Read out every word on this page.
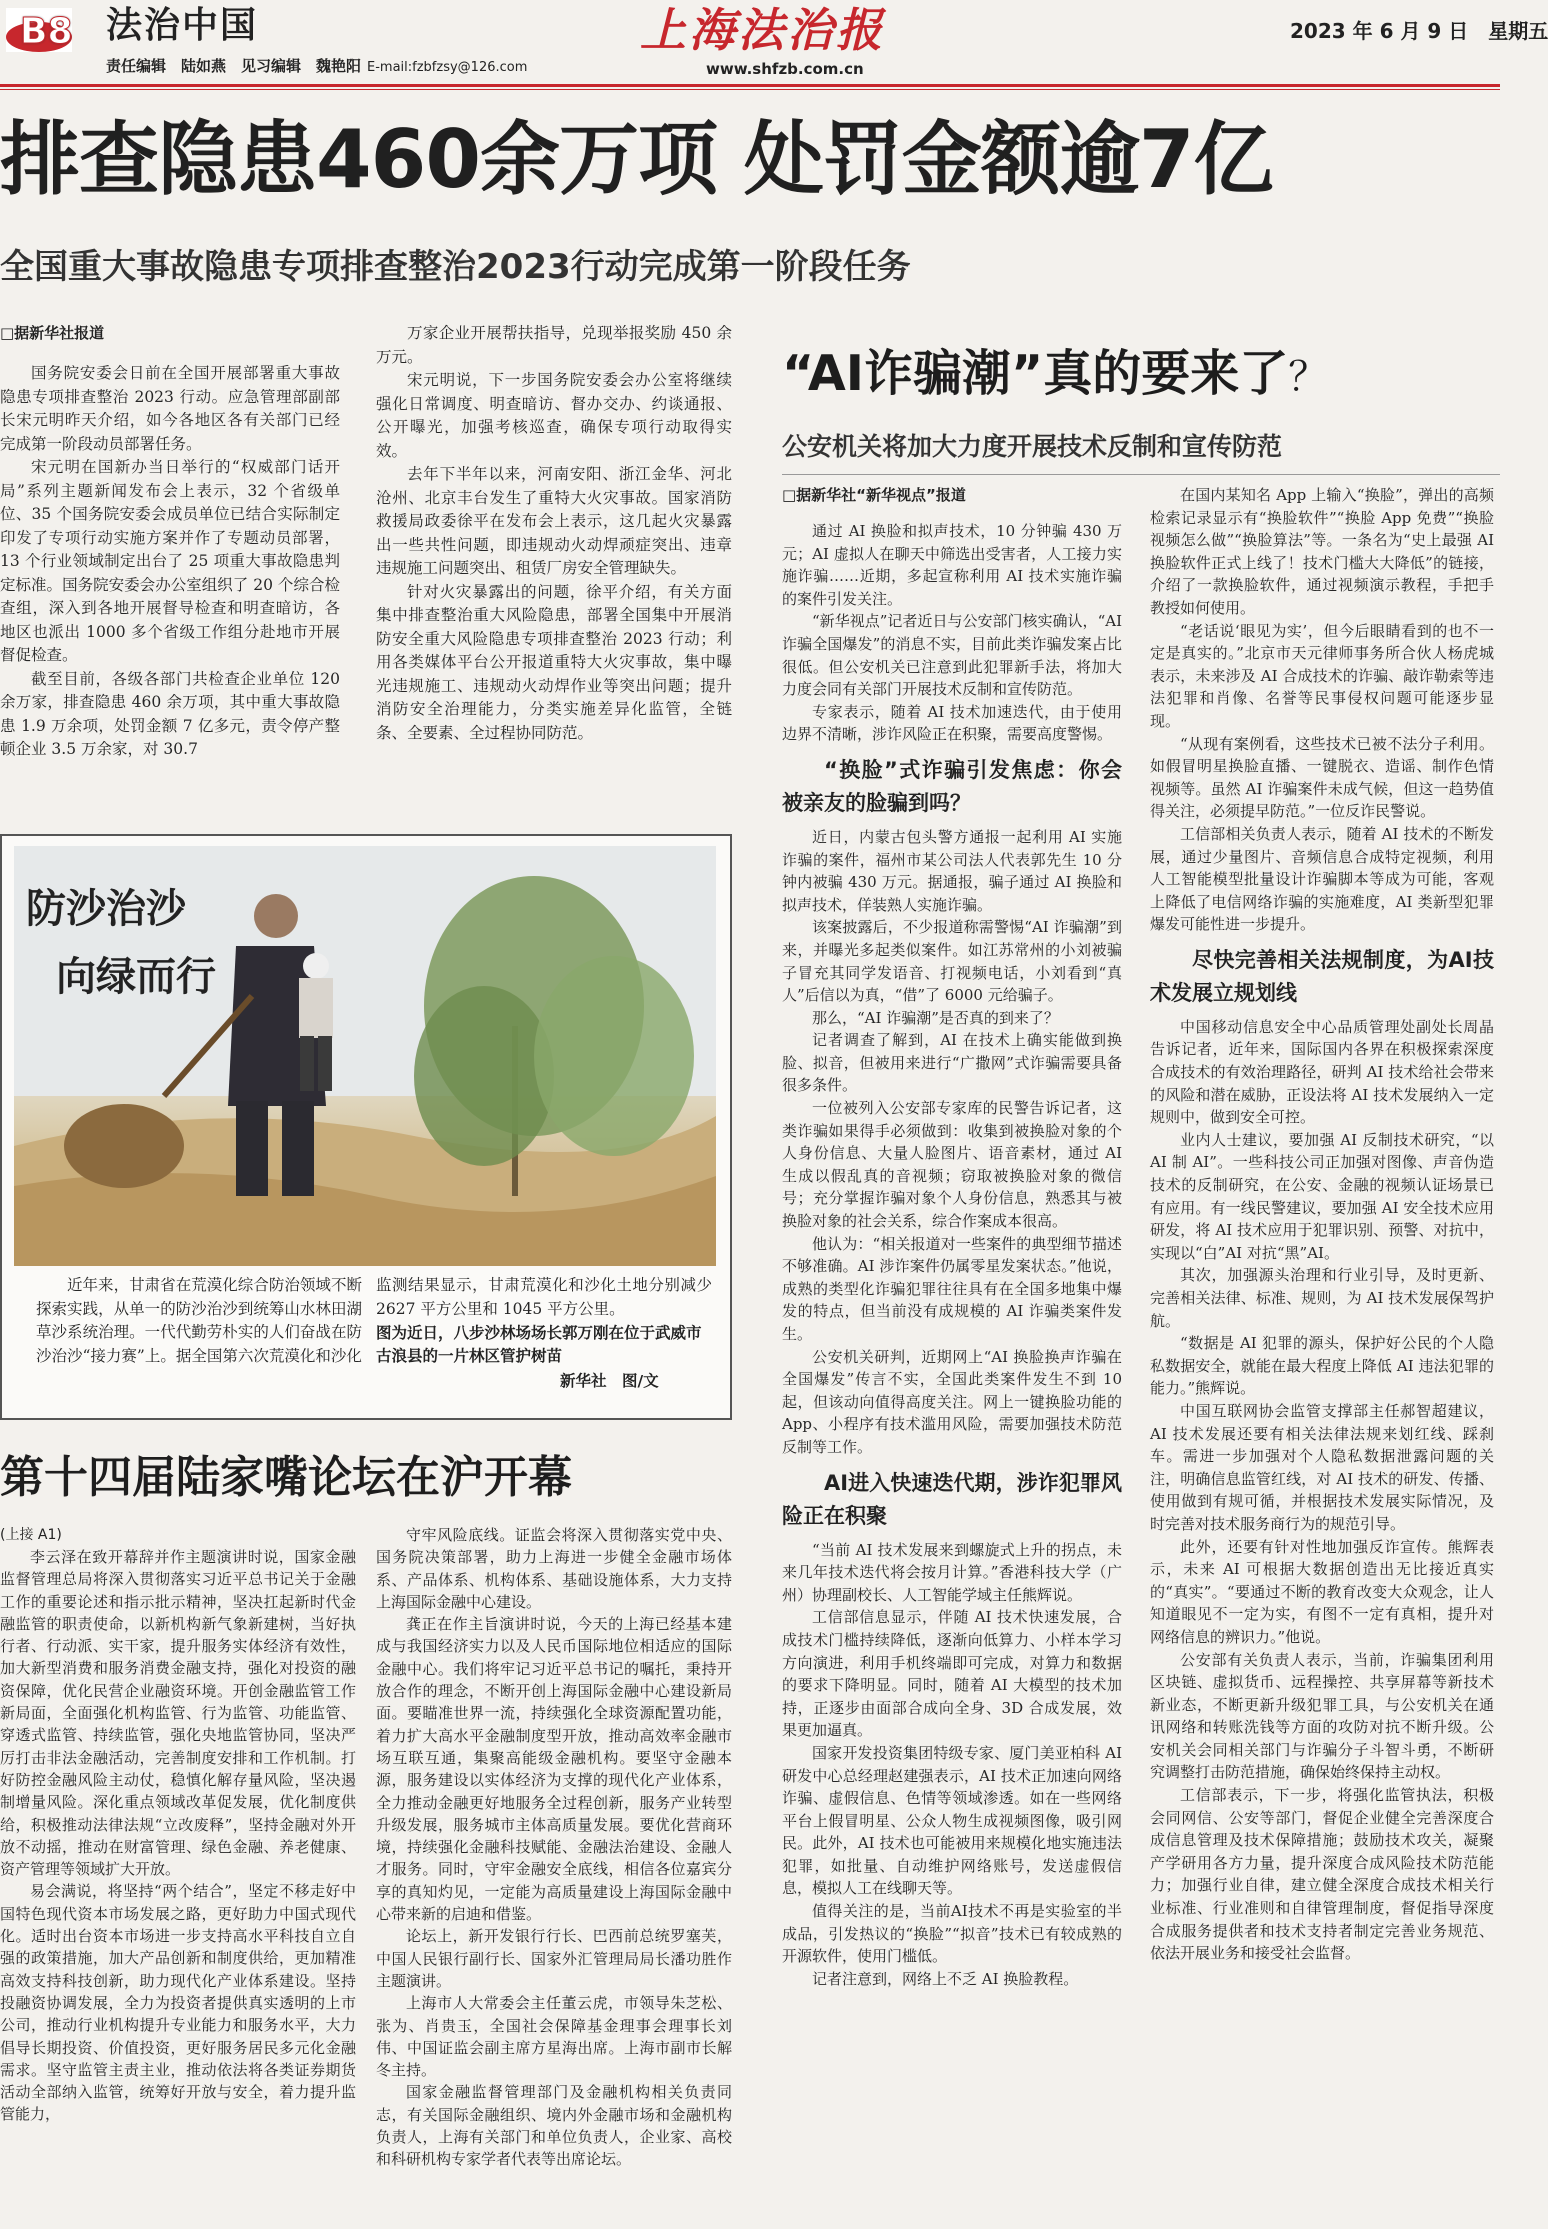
B8 法治中国
责任编辑　陆如燕　见习编辑　魏艳阳 E-mail:fzbfzsy@126.com
上海法治报
www.shfzb.com.cn
2023 年 6 月 9 日　星期五
排查隐患460余万项 处罚金额逾7亿
全国重大事故隐患专项排查整治2023行动完成第一阶段任务
□据新华社报道

国务院安委会日前在全国开展部署重大事故隐患专项排查整治 2023 行动。应急管理部副部长宋元明昨天介绍，如今各地区各有关部门已经完成第一阶段动员部署任务。

宋元明在国新办当日举行的“权威部门话开局”系列主题新闻发布会上表示，32 个省级单位、35 个国务院安委会成员单位已结合实际制定印发了专项行动实施方案并作了专题动员部署，13 个行业领域制定出台了 25 项重大事故隐患判定标准。国务院安委会办公室组织了 20 个综合检查组，深入到各地开展督导检查和明查暗访，各地区也派出 1000 多个省级工作组分赴地市开展督促检查。

截至目前，各级各部门共检查企业单位 120 余万家，排查隐患 460 余万项，其中重大事故隐患 1.9 万余项，处罚金额 7 亿多元，责令停产整顿企业 3.5 万余家，对 30.7

万家企业开展帮扶指导，兑现举报奖励 450 余万元。

宋元明说，下一步国务院安委会办公室将继续强化日常调度、明查暗访、督办交办、约谈通报、公开曝光，加强考核巡查，确保专项行动取得实效。

去年下半年以来，河南安阳、浙江金华、河北沧州、北京丰台发生了重特大火灾事故。国家消防救援局政委徐平在发布会上表示，这几起火灾暴露出一些共性问题，即违规动火动焊顽症突出、违章违规施工问题突出、租赁厂房安全管理缺失。

针对火灾暴露出的问题，徐平介绍，有关方面集中排查整治重大风险隐患，部署全国集中开展消防安全重大风险隐患专项排查整治 2023 行动；利用各类媒体平台公开报道重特大火灾事故，集中曝光违规施工、违规动火动焊作业等突出问题；提升消防安全治理能力，分类实施差异化监管，全链条、全要素、全过程协同防范。

防沙治沙
向绿而行
近年来，甘肃省在荒漠化综合防治领域不断探索实践，从单一的防沙治沙到统筹山水林田湖草沙系统治理。一代代勤劳朴实的人们奋战在防沙治沙“接力赛”上。据全国第六次荒漠化和沙化
监测结果显示，甘肃荒漠化和沙化土地分别减少 2627 平方公里和 1045 平方公里。
图为近日，八步沙林场场长郭万刚在位于武威市古浪县的一片林区管护树苗
新华社　图/文
第十四届陆家嘴论坛在沪开幕
(上接 A1)

李云泽在致开幕辞并作主题演讲时说，国家金融监督管理总局将深入贯彻落实习近平总书记关于金融工作的重要论述和指示批示精神，坚决扛起新时代金融监管的职责使命，以新机构新气象新建树，当好执行者、行动派、实干家，提升服务实体经济有效性，加大新型消费和服务消费金融支持，强化对投资的融资保障，优化民营企业融资环境。开创金融监管工作新局面，全面强化机构监管、行为监管、功能监管、穿透式监管、持续监管，强化央地监管协同，坚决严厉打击非法金融活动，完善制度安排和工作机制。打好防控金融风险主动仗，稳慎化解存量风险，坚决遏制增量风险。深化重点领域改革促发展，优化制度供给，积极推动法律法规“立改废释”，坚持金融对外开放不动摇，推动在财富管理、绿色金融、养老健康、资产管理等领域扩大开放。

易会满说，将坚持“两个结合”，坚定不移走好中国特色现代资本市场发展之路，更好助力中国式现代化。适时出台资本市场进一步支持高水平科技自立自强的政策措施，加大产品创新和制度供给，更加精准高效支持科技创新，助力现代化产业体系建设。坚持投融资协调发展，全力为投资者提供真实透明的上市公司，推动行业机构提升专业能力和服务水平，大力倡导长期投资、价值投资，更好服务居民多元化金融需求。坚守监管主责主业，推动依法将各类证券期货活动全部纳入监管，统筹好开放与安全，着力提升监管能力，

守牢风险底线。证监会将深入贯彻落实党中央、国务院决策部署，助力上海进一步健全金融市场体系、产品体系、机构体系、基础设施体系，大力支持上海国际金融中心建设。

龚正在作主旨演讲时说，今天的上海已经基本建成与我国经济实力以及人民币国际地位相适应的国际金融中心。我们将牢记习近平总书记的嘱托，秉持开放合作的理念，不断开创上海国际金融中心建设新局面。要瞄准世界一流，持续强化全球资源配置功能，着力扩大高水平金融制度型开放，推动高效率金融市场互联互通，集聚高能级金融机构。要坚守金融本源，服务建设以实体经济为支撑的现代化产业体系，全力推动金融更好地服务全过程创新，服务产业转型升级发展，服务城市主体高质量发展。要优化营商环境，持续强化金融科技赋能、金融法治建设、金融人才服务。同时，守牢金融安全底线，相信各位嘉宾分享的真知灼见，一定能为高质量建设上海国际金融中心带来新的启迪和借鉴。

论坛上，新开发银行行长、巴西前总统罗塞芙，中国人民银行副行长、国家外汇管理局局长潘功胜作主题演讲。

上海市人大常委会主任董云虎，市领导朱芝松、张为、肖贵玉，全国社会保障基金理事会理事长刘伟、中国证监会副主席方星海出席。上海市副市长解冬主持。

国家金融监督管理部门及金融机构相关负责同志，有关国际金融组织、境内外金融市场和金融机构负责人，上海有关部门和单位负责人，企业家、高校和科研机构专家学者代表等出席论坛。

“AI诈骗潮”真的要来了？
公安机关将加大力度开展技术反制和宣传防范
□据新华社“新华视点”报道

通过 AI 换脸和拟声技术，10 分钟骗 430 万元；AI 虚拟人在聊天中筛选出受害者，人工接力实施诈骗……近期，多起宣称利用 AI 技术实施诈骗的案件引发关注。

“新华视点”记者近日与公安部门核实确认，“AI 诈骗全国爆发”的消息不实，目前此类诈骗发案占比很低。但公安机关已注意到此犯罪新手法，将加大力度会同有关部门开展技术反制和宣传防范。

专家表示，随着 AI 技术加速迭代，由于使用边界不清晰，涉诈风险正在积聚，需要高度警惕。

“换脸”式诈骗引发焦虑：你会被亲友的脸骗到吗？

近日，内蒙古包头警方通报一起利用 AI 实施诈骗的案件，福州市某公司法人代表郭先生 10 分钟内被骗 430 万元。据通报，骗子通过 AI 换脸和拟声技术，佯装熟人实施诈骗。

该案披露后，不少报道称需警惕“AI 诈骗潮”到来，并曝光多起类似案件。如江苏常州的小刘被骗子冒充其同学发语音、打视频电话，小刘看到“真人”后信以为真，“借”了 6000 元给骗子。

那么，“AI 诈骗潮”是否真的到来了？

记者调查了解到，AI 在技术上确实能做到换脸、拟音，但被用来进行“广撒网”式诈骗需要具备很多条件。

一位被列入公安部专家库的民警告诉记者，这类诈骗如果得手必须做到：收集到被换脸对象的个人身份信息、大量人脸图片、语音素材，通过 AI 生成以假乱真的音视频；窃取被换脸对象的微信号；充分掌握诈骗对象个人身份信息，熟悉其与被换脸对象的社会关系，综合作案成本很高。

他认为：“相关报道对一些案件的典型细节描述不够准确。AI 涉诈案件仍属零星发案状态。”他说，成熟的类型化诈骗犯罪往往具有在全国多地集中爆发的特点，但当前没有成规模的 AI 诈骗类案件发生。

公安机关研判，近期网上“AI 换脸换声诈骗在全国爆发”传言不实，全国此类案件发生不到 10 起，但该动向值得高度关注。网上一键换脸功能的 App、小程序有技术滥用风险，需要加强技术防范反制等工作。

AI进入快速迭代期，涉诈犯罪风险正在积聚

“当前 AI 技术发展来到螺旋式上升的拐点，未来几年技术迭代将会按月计算。”香港科技大学（广州）协理副校长、人工智能学域主任熊辉说。

工信部信息显示，伴随 AI 技术快速发展，合成技术门槛持续降低，逐渐向低算力、小样本学习方向演进，利用手机终端即可完成，对算力和数据的要求下降明显。同时，随着 AI 大模型的技术加持，正逐步由面部合成向全身、3D 合成发展，效果更加逼真。

国家开发投资集团特级专家、厦门美亚柏科 AI 研发中心总经理赵建强表示，AI 技术正加速向网络诈骗、虚假信息、色情等领域渗透。如在一些网络平台上假冒明星、公众人物生成视频图像，吸引网民。此外，AI 技术也可能被用来规模化地实施违法犯罪，如批量、自动维护网络账号，发送虚假信息，模拟人工在线聊天等。

值得关注的是，当前AI技术不再是实验室的半成品，引发热议的“换脸”“拟音”技术已有较成熟的开源软件，使用门槛低。

记者注意到，网络上不乏 AI 换脸教程。

在国内某知名 App 上输入“换脸”，弹出的高频检索记录显示有“换脸软件”“换脸 App 免费”“换脸视频怎么做”“换脸算法”等。一条名为“史上最强 AI 换脸软件正式上线了！技术门槛大大降低”的链接，介绍了一款换脸软件，通过视频演示教程，手把手教授如何使用。

“老话说‘眼见为实’，但今后眼睛看到的也不一定是真实的。”北京市天元律师事务所合伙人杨虎城表示，未来涉及 AI 合成技术的诈骗、敲诈勒索等违法犯罪和肖像、名誉等民事侵权问题可能逐步显现。

“从现有案例看，这些技术已被不法分子利用。如假冒明星换脸直播、一键脱衣、造谣、制作色情视频等。虽然 AI 诈骗案件未成气候，但这一趋势值得关注，必须提早防范。”一位反诈民警说。

工信部相关负责人表示，随着 AI 技术的不断发展，通过少量图片、音频信息合成特定视频，利用人工智能模型批量设计诈骗脚本等成为可能，客观上降低了电信网络诈骗的实施难度，AI 类新型犯罪爆发可能性进一步提升。

尽快完善相关法规制度，为AI技术发展立规划线

中国移动信息安全中心品质管理处副处长周晶告诉记者，近年来，国际国内各界在积极探索深度合成技术的有效治理路径，研判 AI 技术给社会带来的风险和潜在威胁，正设法将 AI 技术发展纳入一定规则中，做到安全可控。

业内人士建议，要加强 AI 反制技术研究，“以 AI 制 AI”。一些科技公司正加强对图像、声音伪造技术的反制研究，在公安、金融的视频认证场景已有应用。有一线民警建议，要加强 AI 安全技术应用研发，将 AI 技术应用于犯罪识别、预警、对抗中，实现以“白”AI 对抗“黑”AI。

其次，加强源头治理和行业引导，及时更新、完善相关法律、标准、规则，为 AI 技术发展保驾护航。

“数据是 AI 犯罪的源头，保护好公民的个人隐私数据安全，就能在最大程度上降低 AI 违法犯罪的能力。”熊辉说。

中国互联网协会监管支撑部主任郝智超建议，AI 技术发展还要有相关法律法规来划红线、踩刹车。需进一步加强对个人隐私数据泄露问题的关注，明确信息监管红线，对 AI 技术的研发、传播、使用做到有规可循，并根据技术发展实际情况，及时完善对技术服务商行为的规范引导。

此外，还要有针对性地加强反诈宣传。熊辉表示，未来 AI 可根据大数据创造出无比接近真实的“真实”。“要通过不断的教育改变大众观念，让人知道眼见不一定为实，有图不一定有真相，提升对网络信息的辨识力。”他说。

公安部有关负责人表示，当前，诈骗集团利用区块链、虚拟货币、远程操控、共享屏幕等新技术新业态，不断更新升级犯罪工具，与公安机关在通讯网络和转账洗钱等方面的攻防对抗不断升级。公安机关会同相关部门与诈骗分子斗智斗勇，不断研究调整打击防范措施，确保始终保持主动权。

工信部表示，下一步，将强化监管执法，积极会同网信、公安等部门，督促企业健全完善深度合成信息管理及技术保障措施；鼓励技术攻关，凝聚产学研用各方力量，提升深度合成风险技术防范能力；加强行业自律，建立健全深度合成技术相关行业标准、行业准则和自律管理制度，督促指导深度合成服务提供者和技术支持者制定完善业务规范、依法开展业务和接受社会监督。
